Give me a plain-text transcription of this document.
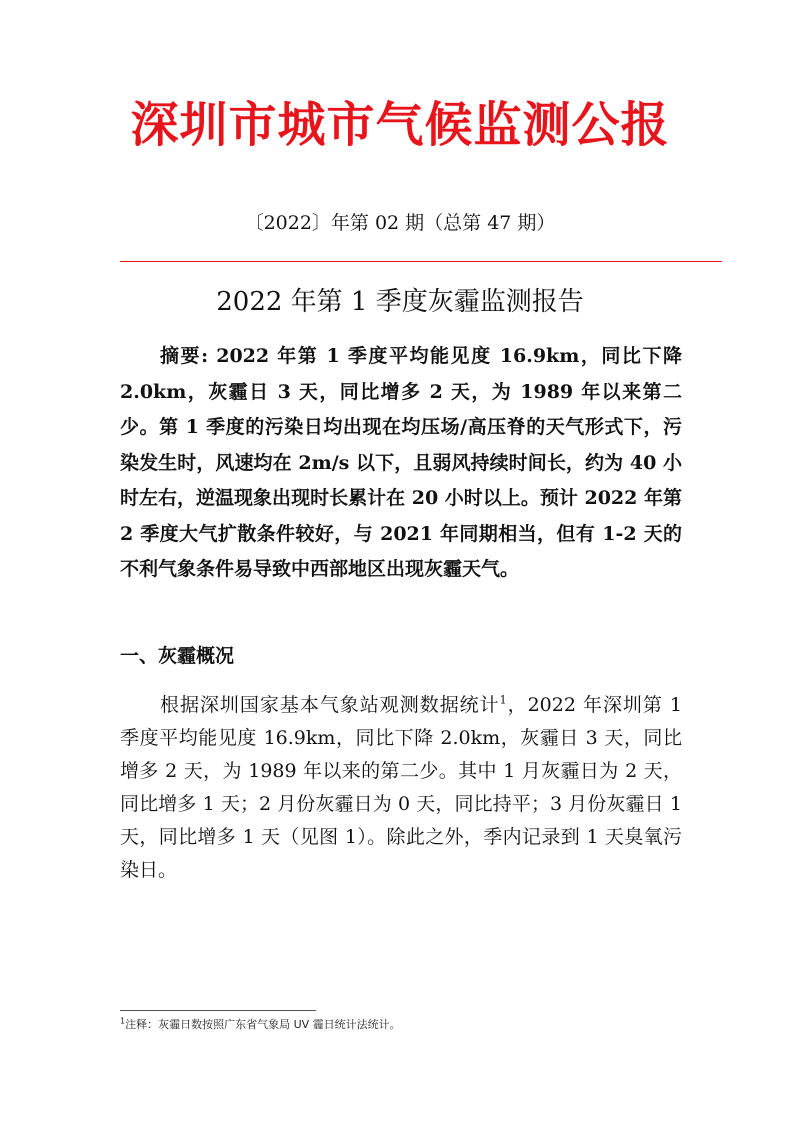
深圳市城市气候监测公报
〔2022〕年第 02 期（总第 47 期）
2022 年第 1 季度灰霾监测报告

摘要: 2022 年第 1 季度平均能见度 16.9km，同比下降 2.0km，灰霾日 3 天，同比增多 2 天，为 1989 年以来第二少。第 1 季度的污染日均出现在均压场/高压脊的天气形式下，污染发生时，风速均在 2m/s 以下，且弱风持续时间长，约为 40 小时左右，逆温现象出现时长累计在 20 小时以上。预计 2022 年第 2 季度大气扩散条件较好，与 2021 年同期相当，但有 1-2 天的不利气象条件易导致中西部地区出现灰霾天气。

一、灰霾概况

根据深圳国家基本气象站观测数据统计$^1$，2022 年深圳第 1 季度平均能见度 16.9km，同比下降 2.0km，灰霾日 3 天，同比增多 2 天，为 1989 年以来的第二少。其中 1 月灰霾日为 2 天，同比增多 1 天；2 月份灰霾日为 0 天，同比持平；3 月份灰霾日 1 天，同比增多 1 天（见图 1）。除此之外，季内记录到 1 天臭氧污染日。

$^1$注释：灰霾日数按照广东省气象局 UV 霾日统计法统计。
